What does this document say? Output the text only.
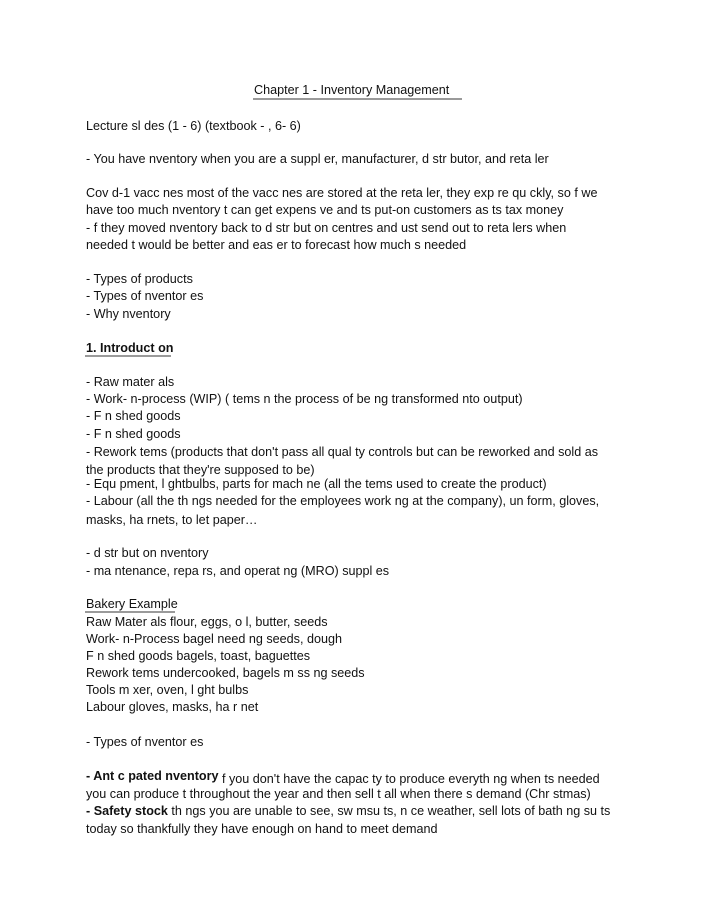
Chapter 1 - Inventory Management
Lecture sl des (1 - 6) (textbook - , 6- 6)
- You have nventory when you are a suppl er, manufacturer, d str butor, and reta ler
Cov d-1 vacc nes most of the vacc nes are stored at the reta ler, they exp re qu ckly, so f we
have too much nventory t can get expens ve and ts put-on customers as ts tax money
- f they moved nventory back to d str but on centres and ust send out to reta lers when
needed t would be better and eas er to forecast how much s needed
- Types of products
- Types of nventor es
- Why nventory
1. Introduct on
- Raw mater als
- Work- n-process (WIP) ( tems n the process of be ng transformed nto output)
- F n shed goods
- F n shed goods
- Rework tems (products that don't pass all qual ty controls but can be reworked and sold as
the products that they're supposed to be)
- Equ pment, l ghtbulbs, parts for mach ne (all the tems used to create the product)
- Labour (all the th ngs needed for the employees work ng at the company), un form, gloves,
masks, ha rnets, to let paper…
- d str but on nventory
- ma ntenance, repa rs, and operat ng (MRO) suppl es
Bakery Example
Raw Mater als flour, eggs, o l, butter, seeds
Work- n-Process bagel need ng seeds, dough
F n shed goods bagels, toast, baguettes
Rework tems undercooked, bagels m ss ng seeds
Tools m xer, oven, l ght bulbs
Labour gloves, masks, ha r net
- Types of nventor es
- Ant c pated nventory f you don't have the capac ty to produce everyth ng when ts needed
you can produce t throughout the year and then sell t all when there s demand (Chr stmas)
- Safety stock th ngs you are unable to see, sw msu ts, n ce weather, sell lots of bath ng su ts
today so thankfully they have enough on hand to meet demand
